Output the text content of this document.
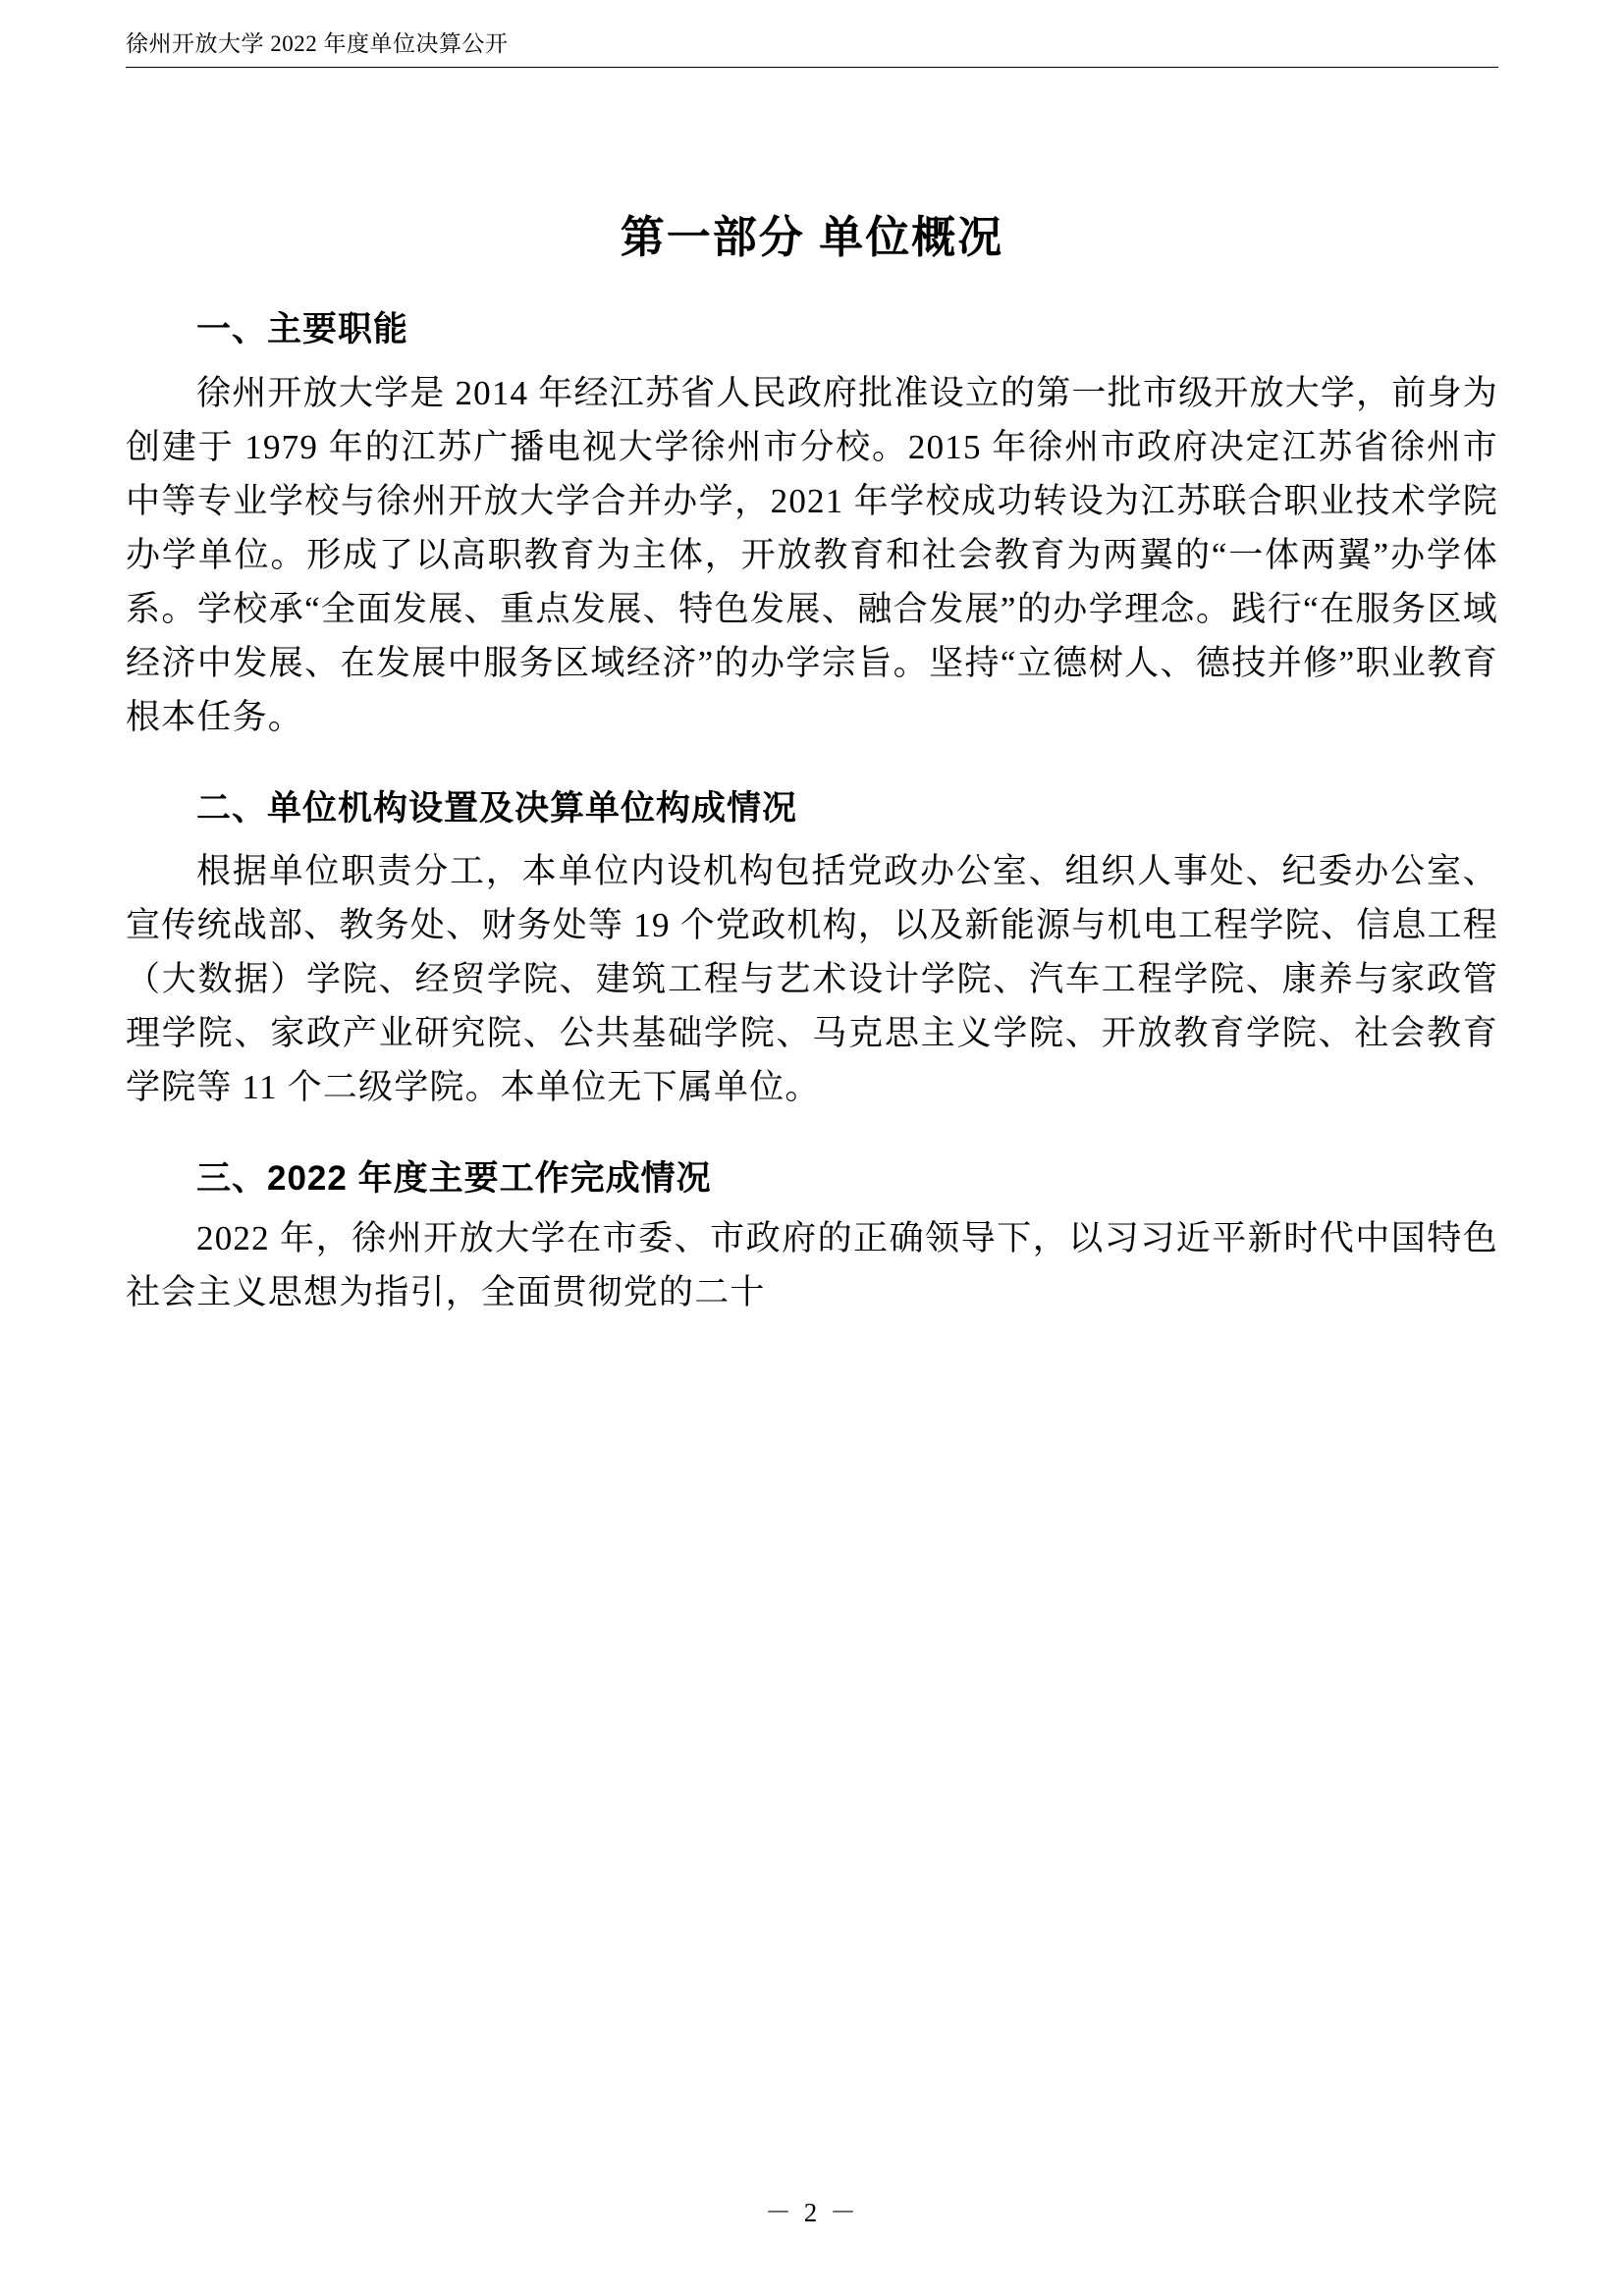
徐州开放大学 2022 年度单位决算公开
第一部分 单位概况
一、主要职能

徐州开放大学是 2014 年经江苏省人民政府批准设立的第一批市级开放大学，前身为创建于 1979 年的江苏广播电视大学徐州市分校。2015 年徐州市政府决定江苏省徐州市中等专业学校与徐州开放大学合并办学，2021 年学校成功转设为江苏联合职业技术学院办学单位。形成了以高职教育为主体，开放教育和社会教育为两翼的“一体两翼”办学体系。学校承“全面发展、重点发展、特色发展、融合发展”的办学理念。践行“在服务区域经济中发展、在发展中服务区域经济”的办学宗旨。坚持“立德树人、德技并修”职业教育根本任务。

二、单位机构设置及决算单位构成情况

根据单位职责分工，本单位内设机构包括党政办公室、组织人事处、纪委办公室、宣传统战部、教务处、财务处等 19 个党政机构，以及新能源与机电工程学院、信息工程（大数据）学院、经贸学院、建筑工程与艺术设计学院、汽车工程学院、康养与家政管理学院、家政产业研究院、公共基础学院、马克思主义学院、开放教育学院、社会教育学院等 11 个二级学院。本单位无下属单位。

三、2022 年度主要工作完成情况

2022 年，徐州开放大学在市委、市政府的正确领导下，以习习近平新时代中国特色社会主义思想为指引，全面贯彻党的二十

－ 2 －
